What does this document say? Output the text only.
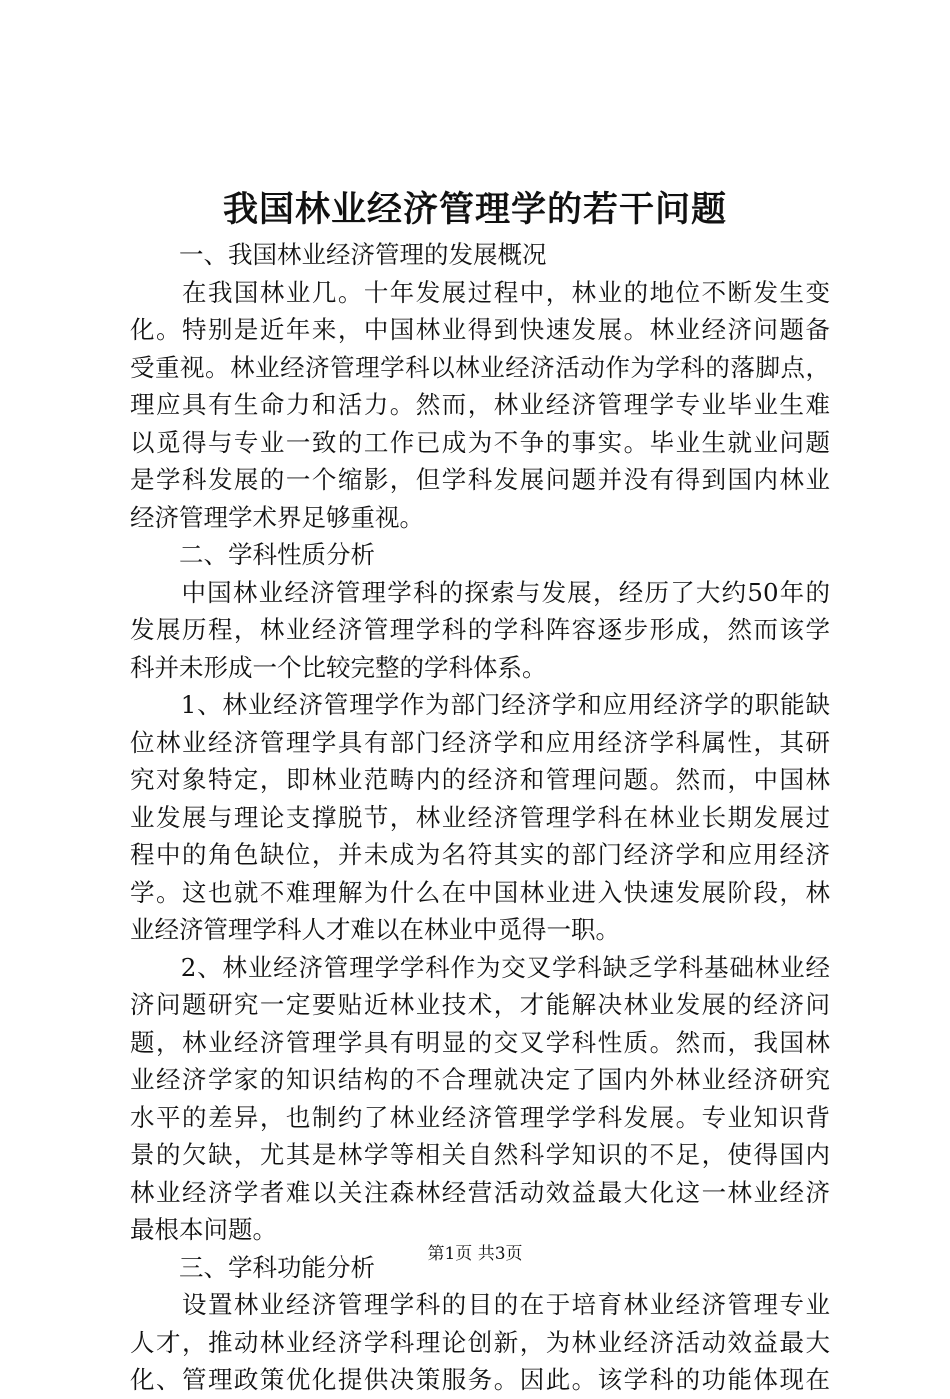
我国林业经济管理学的若干问题
　　一、我国林业经济管理的发展概况
　　在我国林业几。十年发展过程中，林业的地位不断发生变
化。特别是近年来，中国林业得到快速发展。林业经济问题备
受重视。林业经济管理学科以林业经济活动作为学科的落脚点，
理应具有生命力和活力。然而，林业经济管理学专业毕业生难
以觅得与专业一致的工作已成为不争的事实。毕业生就业问题
是学科发展的一个缩影，但学科发展问题并没有得到国内林业
经济管理学术界足够重视。
　　二、学科性质分析
　　中国林业经济管理学科的探索与发展，经历了大约50年的
发展历程，林业经济管理学科的学科阵容逐步形成，然而该学
科并未形成一个比较完整的学科体系。
　　1、林业经济管理学作为部门经济学和应用经济学的职能缺
位林业经济管理学具有部门经济学和应用经济学科属性，其研
究对象特定，即林业范畴内的经济和管理问题。然而，中国林
业发展与理论支撑脱节，林业经济管理学科在林业长期发展过
程中的角色缺位，并未成为名符其实的部门经济学和应用经济
学。这也就不难理解为什么在中国林业进入快速发展阶段，林
业经济管理学科人才难以在林业中觅得一职。
　　2、林业经济管理学学科作为交叉学科缺乏学科基础林业经
济问题研究一定要贴近林业技术，才能解决林业发展的经济问
题，林业经济管理学具有明显的交叉学科性质。然而，我国林
业经济学家的知识结构的不合理就决定了国内外林业经济研究
水平的差异，也制约了林业经济管理学学科发展。专业知识背
景的欠缺，尤其是林学等相关自然科学知识的不足，使得国内
林业经济学者难以关注森林经营活动效益最大化这一林业经济
最根本问题。
　　三、学科功能分析
　　设置林业经济管理学科的目的在于培育林业经济管理专业
人才，推动林业经济学科理论创新，为林业经济活动效益最大
化、管理政策优化提供决策服务。因此。该学科的功能体现在
第1页 共3页
